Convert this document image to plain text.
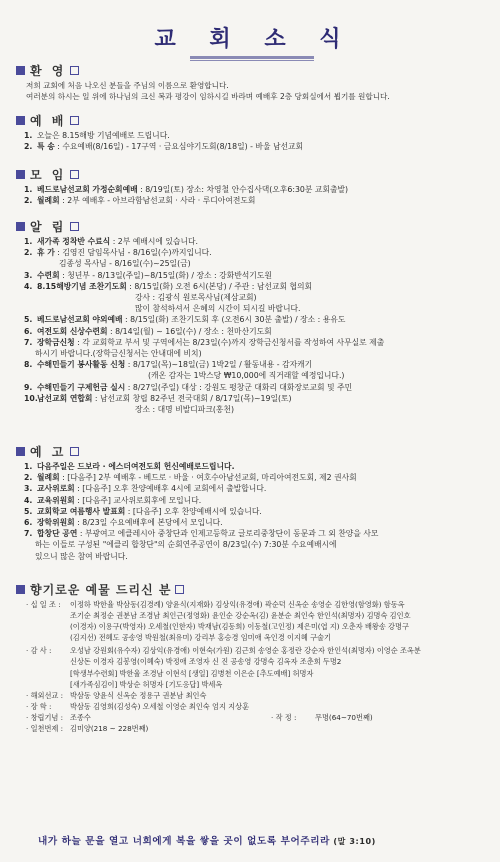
교 회 소 식
환 영
저희 교회에 처음 나오신 분들을 주님의 이름으로 환영합니다.
여러분의 하시는 일 위에 하나님의 크신 복과 평강이 임하시길 바라며 예배후 2층 당회실에서 뵙기를 원합니다.
예 배
1. 오늘은 8.15해방 기념예배로 드립니다.
2. 특 송 : 수요예배(8/16일) - 17구역 · 금요심야기도회(8/18일) - 바울 남선교회
모 임
1. 베드로남선교회 가정순회예배 : 8/19일(토) 장소: 차영철 안수집사댁(오후6:30분 교회출발)
2. 월례회 : 2부 예배후 - 아브라함남선교회 · 사라 · 루디아여전도회
알 림
1. 새가족 정착반 수료식 : 2부 예배시에 있습니다.
2. 휴 가 : 김영진 담임목사님 - 8/16일(수)까지입니다.
김종성 목사님 - 8/16일(수)~25일(금)
3. 수련회 : 청년부 - 8/13일(주일)~8/15일(화) / 장소 : 강화반석기도원
4. 8.15해방기념 조찬기도회 : 8/15일(화) 오전 6시(본당) / 주관 : 남선교회 협의회
강사 : 김광식 원로목사님(제삼교회)
많이 참석하셔서 은혜의 시간이 되시길 바랍니다.
5. 베드로남선교회 야외예배 : 8/15일(화) 조찬기도회 후 (오전6시 30분 출발) / 장소 : 용유도
6. 여전도회 신상수련회 : 8/14일(월) ~ 16일(수) / 장소 : 천마산기도회
7. 장학금신청 : 각 교회학교 부서 및 구역에서는 8/23일(수)까지 장학금신청서를 작성하여 사무실로 제출
하시기 바랍니다.(장학금신청서는 안내대에 비치)
8. 수해민들기 봉사활동 신청 : 8/17일(목)~18일(금) 1박2일 / 활동내용 - 감자캐기
(캐온 감자는 1박스당 ₩10,000에 직거래할 예정입니다.)
9. 수해민들기 구제헌금 실시 : 8/27일(주일) 대상 : 강원도 평창군 대화리 대화장로교회 및 주민
10. 남선교회 연합회 : 남선교회 창립 82주년 전국대회 / 8/17일(목)~19일(토)
장소 : 대명 비발디파크(홍천)
예 고
1. 다음주일은 드보라 · 에스더여전도회 헌신예배로드립니다.
2. 월례회 : [다음주] 2부 예배후 - 베드로 · 바울 · 여호수아남선교회, 마리아여전도회, 제2 권사회
3. 교사위로회 : [다음주] 오후 찬양예배후 4시에 교회에서 출발합니다.
4. 교육위원회 : [다음주] 교사위로회후에 모입니다.
5. 교회학교 여름행사 발표회 : [다음주] 오후 찬양예배시에 있습니다.
6. 장학위원회 : 8/23일 수요예배후에 본당에서 모입니다.
7. 합창단 공연 : 부광여고 에클레시아 중창단과 인제고등학교 글로리중창단이 동문과 그 외 찬양을 사모
하는 이들로 구성된 "에클리 합창단"의 순회연주공연이 8/23일(수) 7:30분 수요예배시에
있으니 많은 참여 바랍니다.
향기로운 예물 드리신 분
· 십 일 조 :	이정하 박한율 박삼동(김경례) 양윤식(지재화) 김상익(유경애) 곽순덕 신옥순 송영순 김한영(함영화) 함동옥
조기순 최정순 권분남 조경남 최인근(정영화) 윤인순 강순옥(김) 윤분순 최인숙 한인석(최명자) 김명숙 김인호
(이경자) 이용구(박영자) 오세철(인한자) 박재남(김동희) 이동철(고인정) 제은미(엽 지) 오춘자 배왕송 강명구
(김지선) 전혜도 공송영 박원철(최유미) 강리부 홍승경 임미애 옥인경 이지혜 구술기
· 감 사 :	오성남 강원회(유수자) 김상익(유경애) 이현숙(가원) 김근희 송영순 홍정란 강순자 한인석(최명자) 이영순 조옥분
신상돈 이경자 김봉영(이혜숙) 박정애 조영자 신 진 공송영 강명숙 김옥자 조춘희 두명2
[학생부수련회] 박한율 조경남 이현석 [생일] 김병천 이은순 [추도예배] 허명자
[새가족심김이] 박상순 허명자 [기도응답] 박세옥
· 해외선교 : 박삼동 양윤식 신옥순 정용구 권분남 최인숙
· 장 학 :	박삼동 김영희(김성숙) 오세철 이영순 최인숙 엄지 지상훈
· 창립기념 : 조종수	· 작 정 :	무명(64~70번째)
· 일천번제 : 김미양(218 ~ 228번째)
내가 하늘 문을 열고 너희에게 복을 쌓을 곳이 없도록 부어주리라 (말 3:10)
